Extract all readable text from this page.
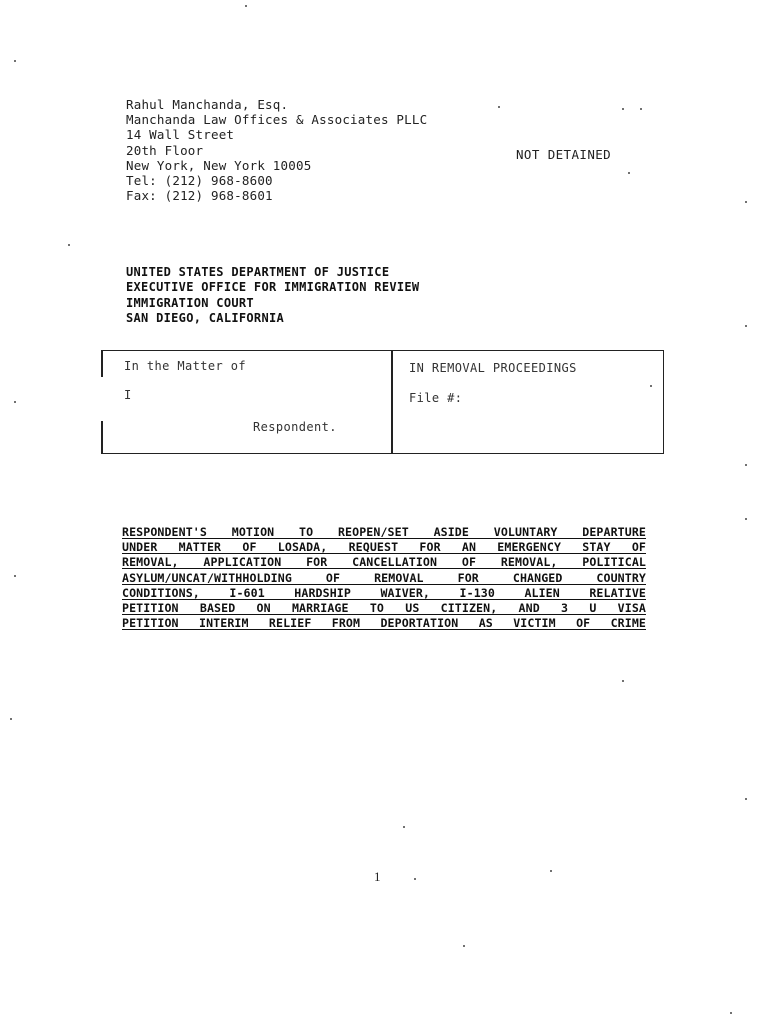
Rahul Manchanda, Esq.
Manchanda Law Offices & Associates PLLC
14 Wall Street
20th Floor
New York, New York 10005
Tel: (212) 968-8600
Fax: (212) 968-8601
NOT DETAINED
UNITED STATES DEPARTMENT OF JUSTICE
EXECUTIVE OFFICE FOR IMMIGRATION REVIEW
IMMIGRATION COURT
SAN DIEGO, CALIFORNIA
In the Matter of
I
Respondent.
IN REMOVAL PROCEEDINGS
File #:
RESPONDENT'S MOTION TO REOPEN/SET ASIDE VOLUNTARY DEPARTURE
UNDER MATTER OF LOSADA, REQUEST FOR AN EMERGENCY STAY OF
REMOVAL, APPLICATION FOR CANCELLATION OF REMOVAL, POLITICAL
ASYLUM/UNCAT/WITHHOLDING OF REMOVAL FOR CHANGED COUNTRY
CONDITIONS, I-601 HARDSHIP WAIVER, I-130 ALIEN RELATIVE
PETITION BASED ON MARRIAGE TO US CITIZEN, AND 3 U VISA
PETITION INTERIM RELIEF FROM DEPORTATION AS VICTIM OF CRIME
1
